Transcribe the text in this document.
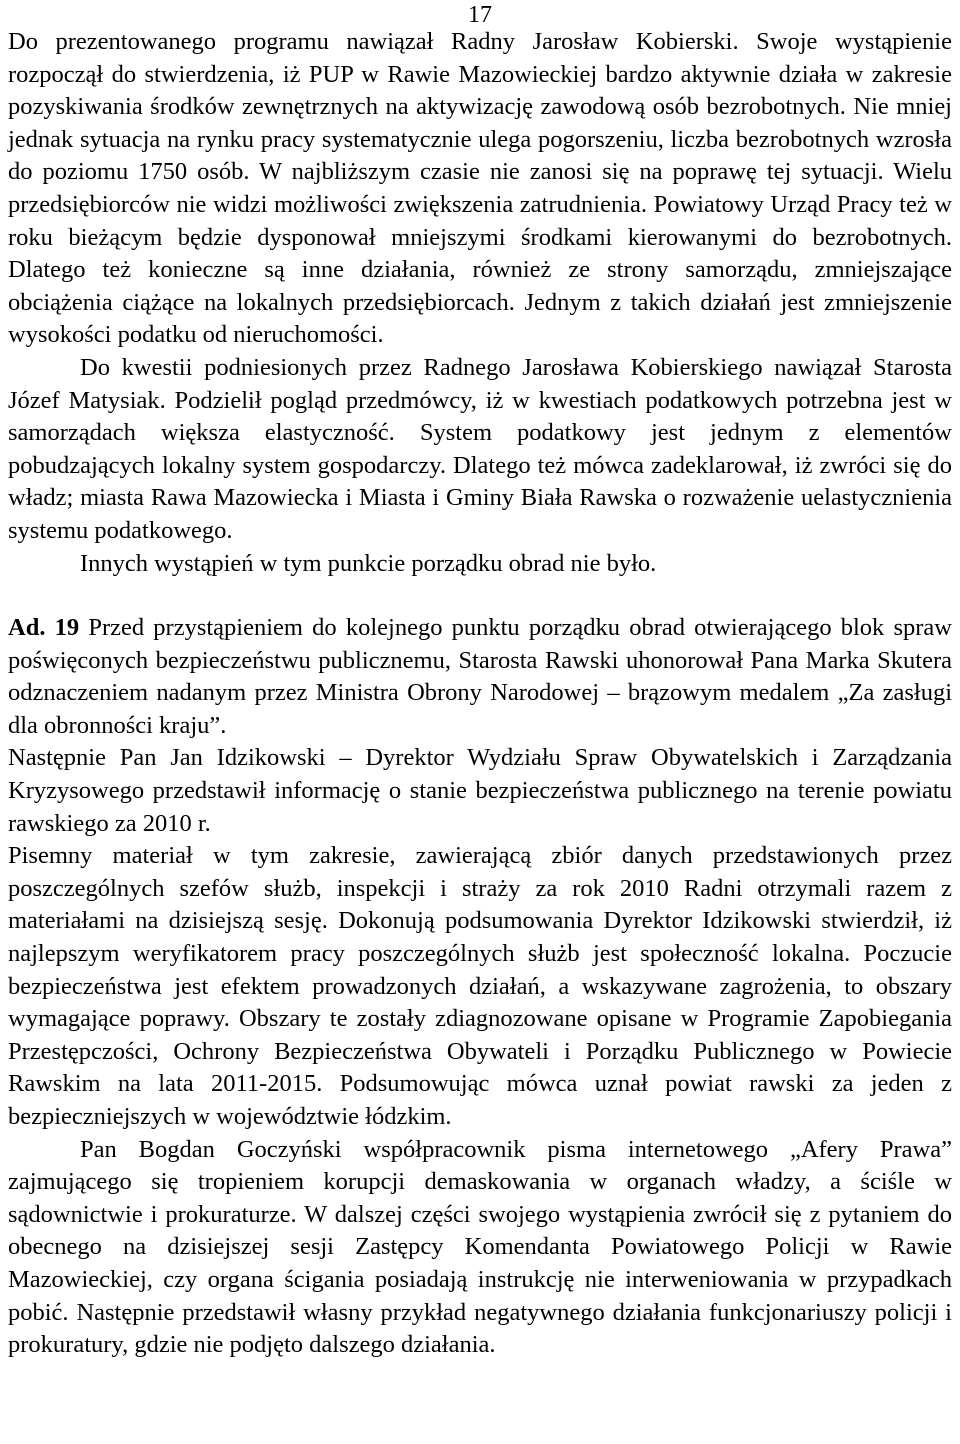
17

Do prezentowanego programu nawiązał Radny Jarosław Kobierski. Swoje wystąpienie rozpoczął do stwierdzenia, iż PUP w Rawie Mazowieckiej bardzo aktywnie działa w zakresie pozyskiwania środków zewnętrznych na aktywizację zawodową osób bezrobotnych. Nie mniej jednak sytuacja na rynku pracy systematycznie ulega pogorszeniu, liczba bezrobotnych wzrosła do poziomu 1750 osób. W najbliższym czasie nie zanosi się na poprawę tej sytuacji. Wielu przedsiębiorców nie widzi możliwości zwiększenia zatrudnienia. Powiatowy Urząd Pracy też w roku bieżącym będzie dysponował mniejszymi środkami kierowanymi do bezrobotnych. Dlatego też konieczne są inne działania, również ze strony samorządu, zmniejszające obciążenia ciążące na lokalnych przedsiębiorcach. Jednym z takich działań jest zmniejszenie wysokości podatku od nieruchomości.

Do kwestii podniesionych przez Radnego Jarosława Kobierskiego nawiązał Starosta Józef Matysiak. Podzielił pogląd przedmówcy, iż w kwestiach podatkowych potrzebna jest w samorządach większa elastyczność. System podatkowy jest jednym z elementów pobudzających lokalny system gospodarczy. Dlatego też mówca zadeklarował, iż zwróci się do władz; miasta Rawa Mazowiecka i Miasta i Gminy Biała Rawska o rozważenie uelastycznienia systemu podatkowego.

Innych wystąpień w tym punkcie porządku obrad nie było.

Ad. 19 Przed przystąpieniem do kolejnego punktu porządku obrad otwierającego blok spraw poświęconych bezpieczeństwu publicznemu, Starosta Rawski uhonorował Pana Marka Skutera odznaczeniem nadanym przez Ministra Obrony Narodowej – brązowym medalem „Za zasługi dla obronności kraju”.

Następnie Pan Jan Idzikowski – Dyrektor Wydziału Spraw Obywatelskich i Zarządzania Kryzysowego przedstawił informację o stanie bezpieczeństwa publicznego na terenie powiatu rawskiego za 2010 r.

Pisemny materiał w tym zakresie, zawierającą zbiór danych przedstawionych przez poszczególnych szefów służb, inspekcji i straży za rok 2010 Radni otrzymali razem z materiałami na dzisiejszą sesję. Dokonują podsumowania Dyrektor Idzikowski stwierdził, iż najlepszym weryfikatorem pracy poszczególnych służb jest społeczność lokalna. Poczucie bezpieczeństwa jest efektem prowadzonych działań, a wskazywane zagrożenia, to obszary wymagające poprawy. Obszary te zostały zdiagnozowane opisane w Programie Zapobiegania Przestępczości, Ochrony Bezpieczeństwa Obywateli i Porządku Publicznego w Powiecie Rawskim na lata 2011-2015. Podsumowując mówca uznał powiat rawski za jeden z bezpieczniejszych w województwie łódzkim.

Pan Bogdan Goczyński współpracownik pisma internetowego „Afery Prawa” zajmującego się tropieniem korupcji demaskowania w organach władzy, a ściśle w sądownictwie i prokuraturze. W dalszej części swojego wystąpienia zwrócił się z pytaniem do obecnego na dzisiejszej sesji Zastępcy Komendanta Powiatowego Policji w Rawie Mazowieckiej, czy organa ścigania posiadają instrukcję nie interweniowania w przypadkach pobić. Następnie przedstawił własny przykład negatywnego działania funkcjonariuszy policji i prokuratury, gdzie nie podjęto dalszego działania.
